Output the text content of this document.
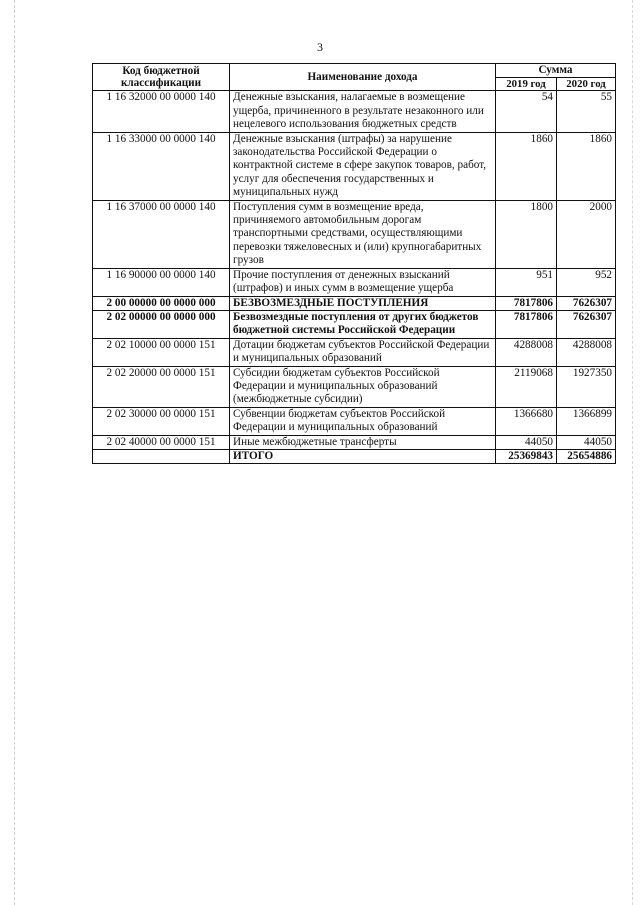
3
Код бюджетной классификации	Наименование дохода	Сумма	
		2019 год	2020 год
1 16 32000 00 0000 140	Денежные взыскания, налагаемые в возмещение ущерба, причиненного в результате незаконного или нецелевого использования бюджетных средств	54	55
1 16 33000 00 0000 140	Денежные взыскания (штрафы) за нарушение законодательства Российской Федерации о контрактной системе в сфере закупок товаров, работ, услуг для обеспечения государственных и муниципальных нужд	1860	1860
1 16 37000 00 0000 140	Поступления сумм в возмещение вреда, причиняемого автомобильным дорогам транспортными средствами, осуществляющими перевозки тяжеловесных и (или) крупногабаритных грузов	1800	2000
1 16 90000 00 0000 140	Прочие поступления от денежных взысканий (штрафов) и иных сумм в возмещение ущерба	951	952
2 00 00000 00 0000 000	БЕЗВОЗМЕЗДНЫЕ ПОСТУПЛЕНИЯ	7817806	7626307
2 02 00000 00 0000 000	Безвозмездные поступления от других бюджетов бюджетной системы Российской Федерации	7817806	7626307
2 02 10000 00 0000 151	Дотации бюджетам субъектов Российской Федерации и муниципальных образований	4288008	4288008
2 02 20000 00 0000 151	Субсидии бюджетам субъектов Российской Федерации и муниципальных образований (межбюджетные субсидии)	2119068	1927350
2 02 30000 00 0000 151	Субвенции бюджетам субъектов Российской Федерации и муниципальных образований	1366680	1366899
2 02 40000 00 0000 151	Иные межбюджетные трансферты	44050	44050
	ИТОГО	25369843	25654886
